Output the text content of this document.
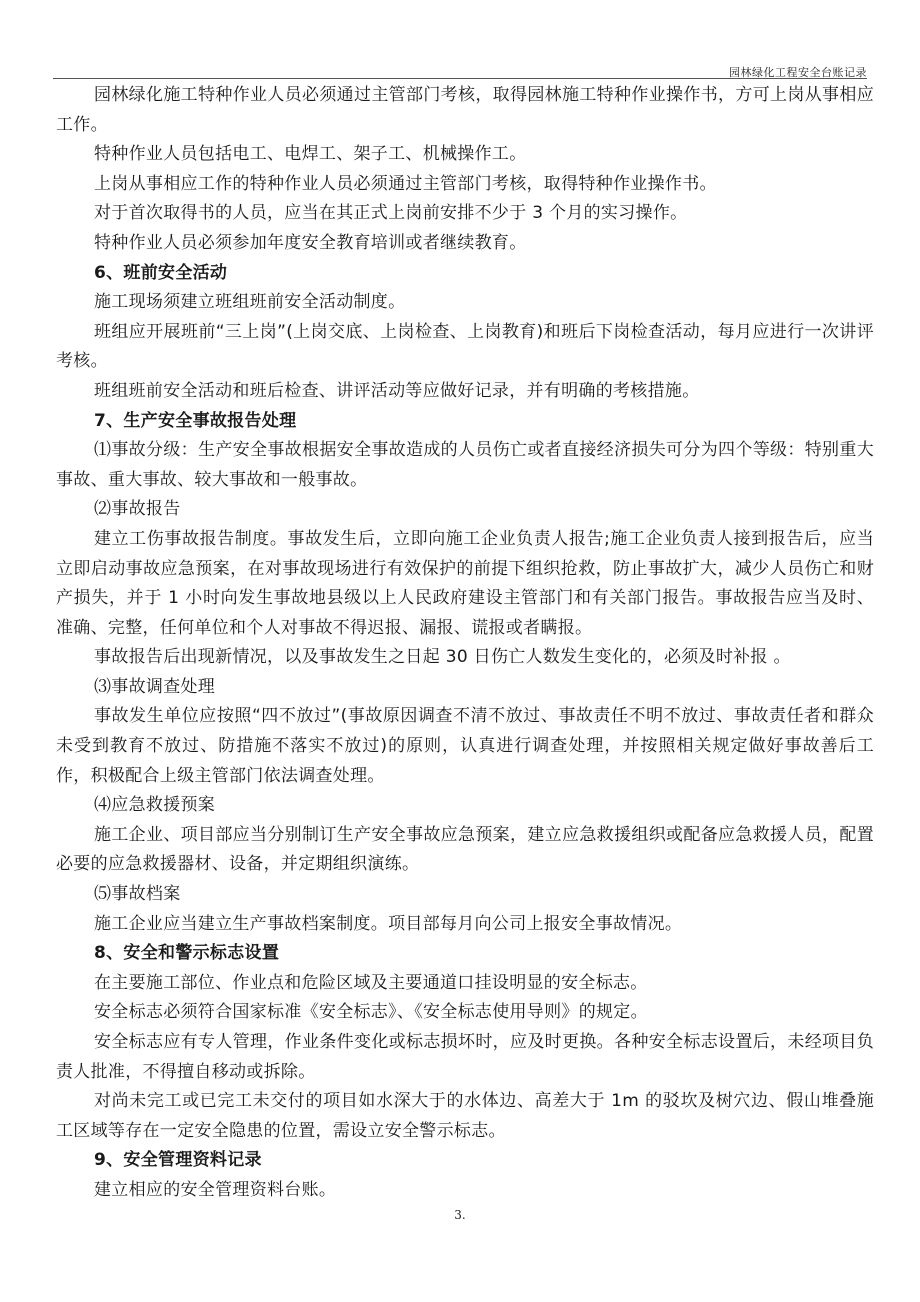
园林绿化工程安全台账记录

园林绿化施工特种作业人员必须通过主管部门考核，取得园林施工特种作业操作书，方可上岗从事相应工作。

特种作业人员包括电工、电焊工、架子工、机械操作工。

上岗从事相应工作的特种作业人员必须通过主管部门考核，取得特种作业操作书。

对于首次取得书的人员，应当在其正式上岗前安排不少于 3 个月的实习操作。

特种作业人员必须参加年度安全教育培训或者继续教育。

6、班前安全活动

施工现场须建立班组班前安全活动制度。

班组应开展班前“三上岗”(上岗交底、上岗检查、上岗教育)和班后下岗检查活动，每月应进行一次讲评考核。

班组班前安全活动和班后检查、讲评活动等应做好记录，并有明确的考核措施。

7、生产安全事故报告处理

⑴事故分级：生产安全事故根据安全事故造成的人员伤亡或者直接经济损失可分为四个等级：特别重大事故、重大事故、较大事故和一般事故。

⑵事故报告

建立工伤事故报告制度。事故发生后，立即向施工企业负责人报告;施工企业负责人接到报告后，应当立即启动事故应急预案，在对事故现场进行有效保护的前提下组织抢救，防止事故扩大，减少人员伤亡和财产损失，并于 1 小时向发生事故地县级以上人民政府建设主管部门和有关部门报告。事故报告应当及时、准确、完整，任何单位和个人对事故不得迟报、漏报、谎报或者瞒报。

事故报告后出现新情况，以及事故发生之日起 30 日伤亡人数发生变化的，必须及时补报 。

⑶事故调查处理

事故发生单位应按照“四不放过”(事故原因调查不清不放过、事故责任不明不放过、事故责任者和群众未受到教育不放过、防措施不落实不放过)的原则，认真进行调查处理，并按照相关规定做好事故善后工作，积极配合上级主管部门依法调查处理。

⑷应急救援预案

施工企业、项目部应当分别制订生产安全事故应急预案，建立应急救援组织或配备应急救援人员，配置必要的应急救援器材、设备，并定期组织演练。

⑸事故档案

施工企业应当建立生产事故档案制度。项目部每月向公司上报安全事故情况。

8、安全和警示标志设置

在主要施工部位、作业点和危险区域及主要通道口挂设明显的安全标志。

安全标志必须符合国家标准《安全标志》、《安全标志使用导则》的规定。

安全标志应有专人管理，作业条件变化或标志损坏时，应及时更换。各种安全标志设置后，未经项目负责人批准，不得擅自移动或拆除。

对尚未完工或已完工未交付的项目如水深大于的水体边、高差大于 1m 的驳坎及树穴边、假山堆叠施工区域等存在一定安全隐患的位置，需设立安全警示标志。

9、安全管理资料记录

建立相应的安全管理资料台账。

3.
